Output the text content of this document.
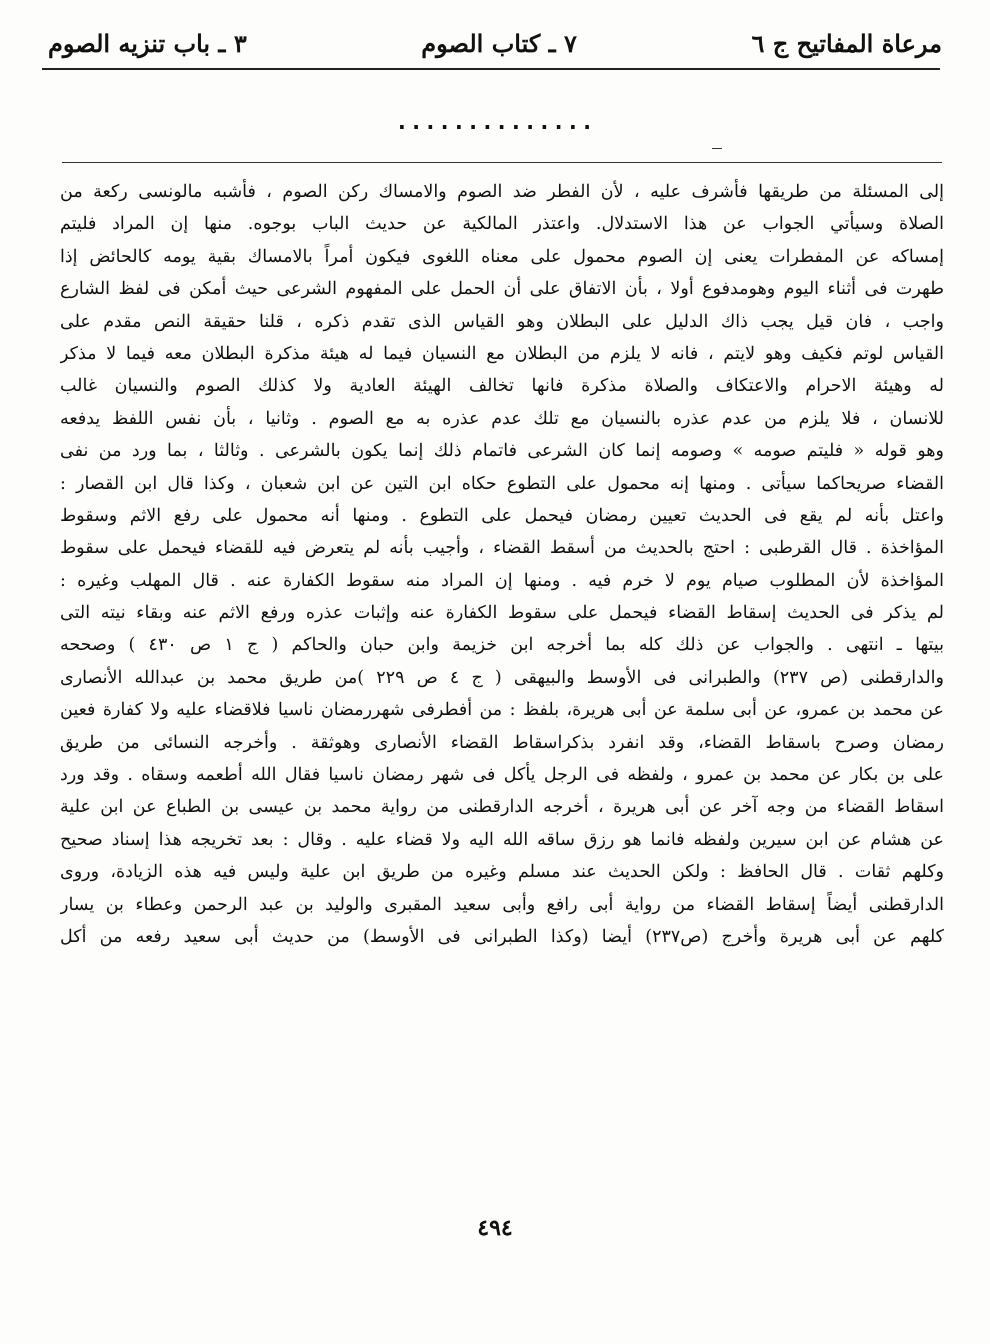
مرعاة المفاتيح ج ٦
٧ ـ كتاب الصوم
٣ ـ باب تنزيه الصوم
..............
إلى المسئلة من طريقها فأشرف عليه ، لأن الفطر ضد الصوم والامساك ركن الصوم ، فأشبه مالونسى ركعة من
الصلاة وسيأتي الجواب عن هذا الاستدلال. واعتذر المالكية عن حديث الباب بوجوه. منها إن المراد فليتم
إمساكه عن المفطرات يعنى إن الصوم محمول على معناه اللغوى فيكون أمراً بالامساك بقية يومه كالحائض إذا
طهرت فى أثناء اليوم وهومدفوع أولا ، بأن الاتفاق على أن الحمل على المفهوم الشرعى حيث أمكن فى لفظ الشارع
واجب ، فان قيل يجب ذاك الدليل على البطلان وهو القياس الذى تقدم ذكره ، قلنا حقيقة النص مقدم على
القياس لوتم فكيف وهو لايتم ، فانه لا يلزم من البطلان مع النسيان فيما له هيئة مذكرة البطلان معه فيما لا مذكر
له وهيئة الاحرام والاعتكاف والصلاة مذكرة فانها تخالف الهيئة العادية ولا كذلك الصوم والنسيان غالب
للانسان ، فلا يلزم من عدم عذره بالنسيان مع تلك عدم عذره به مع الصوم . وثانيا ، بأن نفس اللفظ يدفعه
وهو قوله « فليتم صومه » وصومه إنما كان الشرعى فاتمام ذلك إنما يكون بالشرعى . وثالثا ، بما ورد من نفى
القضاء صريحاكما سيأتى . ومنها إنه محمول على التطوع حكاه ابن التين عن ابن شعبان ، وكذا قال ابن القصار :
واعتل بأنه لم يقع فى الحديث تعيين رمضان فيحمل على التطوع . ومنها أنه محمول على رفع الاثم وسقوط
المؤاخذة . قال القرطبى : احتج بالحديث من أسقط القضاء ، وأجيب بأنه لم يتعرض فيه للقضاء فيحمل على سقوط
المؤاخذة لأن المطلوب صيام يوم لا خرم فيه . ومنها إن المراد منه سقوط الكفارة عنه . قال المهلب وغيره :
لم يذكر فى الحديث إسقاط القضاء فيحمل على سقوط الكفارة عنه وإثبات عذره ورفع الاثم عنه وبقاء نيته التى
بيتها ـ انتهى . والجواب عن ذلك كله بما أخرجه ابن خزيمة وابن حبان والحاكم ( ج ١ ص ٤٣٠ ) وصححه
والدارقطنى (ص ٢٣٧) والطبرانى فى الأوسط والبيهقى ( ج ٤ ص ٢٢٩ )من طريق محمد بن عبدالله الأنصارى
عن محمد بن عمرو، عن أبى سلمة عن أبى هريرة، بلفظ : من أفطرفى شهررمضان ناسيا فلاقضاء عليه ولا كفارة فعين
رمضان وصرح باسقاط القضاء، وقد انفرد بذكراسقاط القضاء الأنصارى وهوثقة . وأخرجه النسائى من طريق
على بن بكار عن محمد بن عمرو ، ولفظه فى الرجل يأكل فى شهر رمضان ناسيا فقال الله أطعمه وسقاه . وقد ورد
اسقاط القضاء من وجه آخر عن أبى هريرة ، أخرجه الدارقطنى من رواية محمد بن عيسى بن الطباع عن ابن علية
عن هشام عن ابن سيرين ولفظه فانما هو رزق ساقه الله اليه ولا قضاء عليه . وقال : بعد تخريجه هذا إسناد صحيح
وكلهم ثقات . قال الحافظ : ولكن الحديث عند مسلم وغيره من طريق ابن علية وليس فيه هذه الزيادة، وروى
الدارقطنى أيضاً إسقاط القضاء من رواية أبى رافع وأبى سعيد المقبرى والوليد بن عبد الرحمن وعطاء بن يسار
كلهم عن أبى هريرة وأخرج (ص٢٣٧) أيضا (وكذا الطبرانى فى الأوسط) من حديث أبى سعيد رفعه من أكل
٤٩٤
